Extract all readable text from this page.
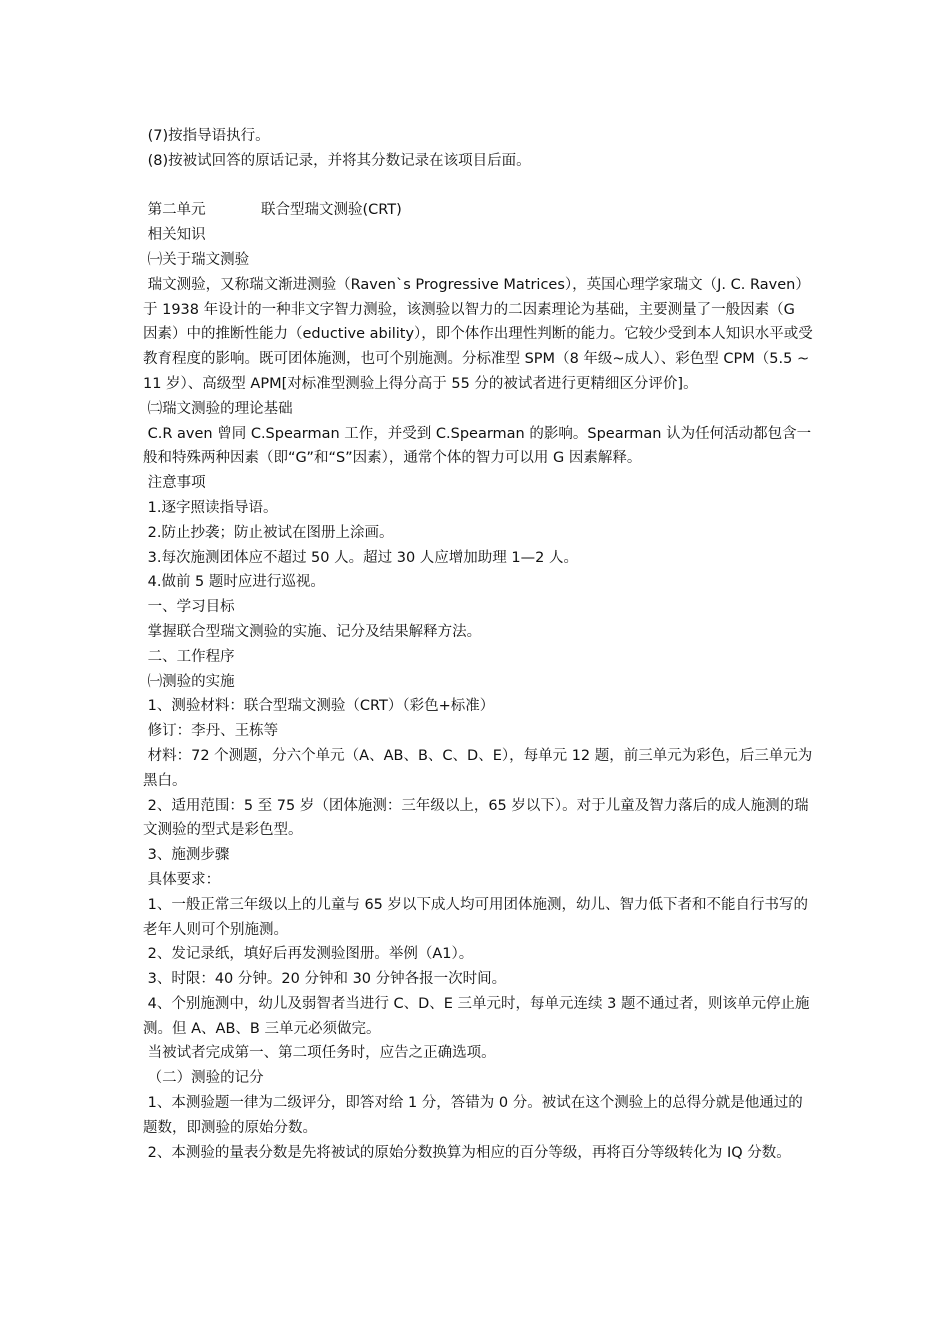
(7)按指导语执行。
(8)按被试回答的原话记录，并将其分数记录在该项目后面。
第二单元	联合型瑞文测验(CRT)
相关知识
㈠关于瑞文测验
瑞文测验，又称瑞文渐进测验（Raven`s Progressive Matrices），英国心理学家瑞文（J. C. Raven）于 1938 年设计的一种非文字智力测验，该测验以智力的二因素理论为基础，主要测量了一般因素（G 因素）中的推断性能力（eductive ability），即个体作出理性判断的能力。它较少受到本人知识水平或受教育程度的影响。既可团体施测，也可个别施测。分标准型 SPM（8 年级~成人）、彩色型 CPM（5.5 ~ 11 岁）、高级型 APM[对标准型测验上得分高于 55 分的被试者进行更精细区分评价]。
㈡瑞文测验的理论基础
C.R aven 曾同 C.Spearman 工作，并受到 C.Spearman 的影响。Spearman 认为任何活动都包含一般和特殊两种因素（即“G”和“S”因素），通常个体的智力可以用 G 因素解释。
注意事项
1.逐字照读指导语。
2.防止抄袭；防止被试在图册上涂画。
3.每次施测团体应不超过 50 人。超过 30 人应增加助理 1—2 人。
4.做前 5 题时应进行巡视。
一、学习目标
掌握联合型瑞文测验的实施、记分及结果解释方法。
二、工作程序
㈠测验的实施
1、测验材料：联合型瑞文测验（CRT）（彩色+标准）
修订：李丹、王栋等
材料：72 个测题，分六个单元（A、AB、B、C、D、E），每单元 12 题，前三单元为彩色，后三单元为黑白。
2、适用范围：5 至 75 岁（团体施测：三年级以上，65 岁以下）。对于儿童及智力落后的成人施测的瑞文测验的型式是彩色型。
3、施测步骤
具体要求：
1、一般正常三年级以上的儿童与 65 岁以下成人均可用团体施测，幼儿、智力低下者和不能自行书写的老年人则可个别施测。
2、发记录纸，填好后再发测验图册。举例（A1）。
3、时限：40 分钟。20 分钟和 30 分钟各报一次时间。
4、个别施测中，幼儿及弱智者当进行 C、D、E 三单元时，每单元连续 3 题不通过者，则该单元停止施测。但 A、AB、B 三单元必须做完。
当被试者完成第一、第二项任务时，应告之正确选项。
（二）测验的记分
1、本测验题一律为二级评分，即答对给 1 分，答错为 0 分。被试在这个测验上的总得分就是他通过的题数，即测验的原始分数。
2、本测验的量表分数是先将被试的原始分数换算为相应的百分等级，再将百分等级转化为 IQ 分数。
